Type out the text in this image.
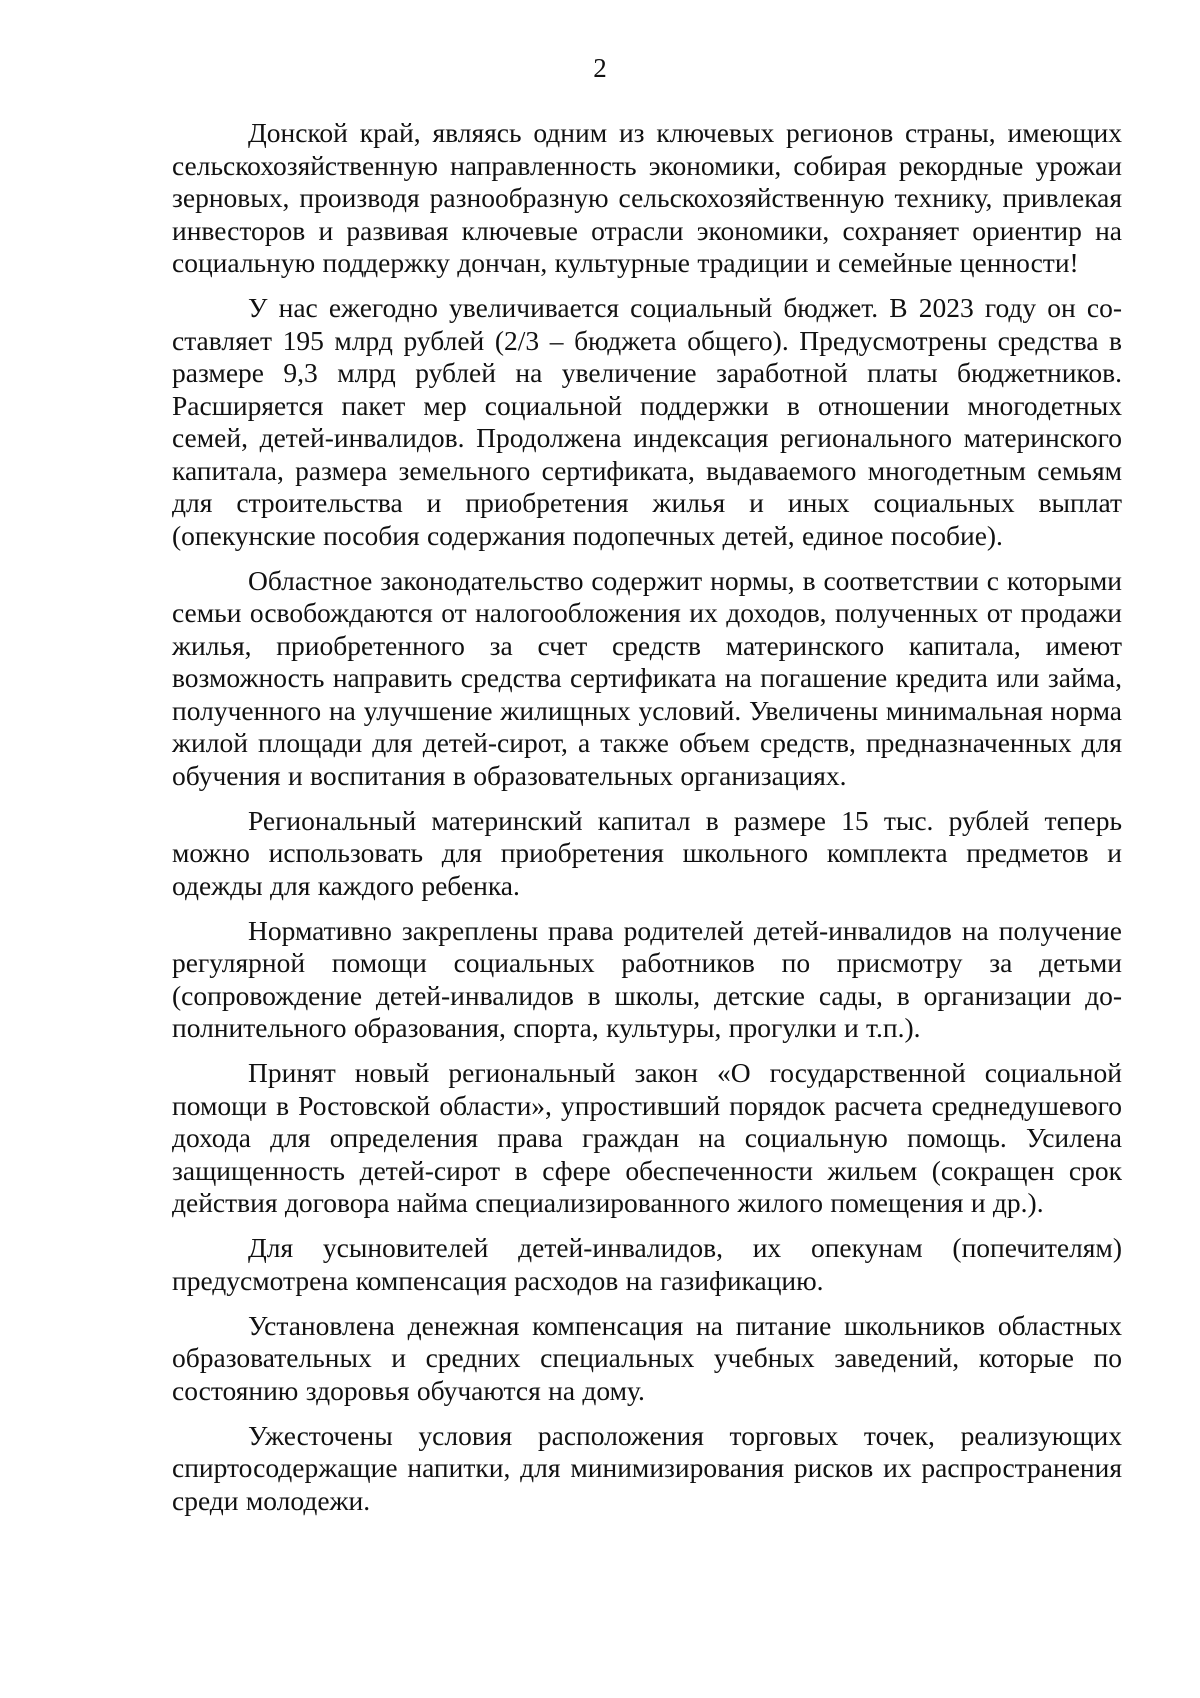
2

Донской край, являясь одним из ключевых регионов страны, имеющих сельскохозяйственную направленность экономики, собирая рекордные урожаи зерновых, производя разнообразную сельскохозяйственную технику, привлекая инвесторов и развивая ключевые отрасли экономики, сохраняет ориентир на социальную поддержку дончан, культурные традиции и семейные ценности!

У нас ежегодно увеличивается социальный бюджет. В 2023 году он составляет 195 млрд рублей (2/3 – бюджета общего). Предусмотрены средства в размере 9,3 млрд рублей на увеличение заработной платы бюджетников. Расширяется пакет мер социальной поддержки в отношении многодетных семей, детей-инвалидов. Продолжена индексация регионального материнского капитала, размера земельного сертификата, выдаваемого многодетным семьям для строительства и приобретения жилья и иных социальных выплат (опекунские пособия содержания подопечных детей, единое пособие).

Областное законодательство содержит нормы, в соответствии с которыми семьи освобождаются от налогообложения их доходов, полученных от продажи жилья, приобретенного за счет средств материнского капитала, имеют возможность направить средства сертификата на погашение кредита или займа, полученного на улучшение жилищных условий. Увеличены минимальная норма жилой площади для детей-сирот, а также объем средств, предназначенных для обучения и воспитания в образовательных организациях.

Региональный материнский капитал в размере 15 тыс. рублей теперь можно использовать для приобретения школьного комплекта предметов и одежды для каждого ребенка.

Нормативно закреплены права родителей детей-инвалидов на получение регулярной помощи социальных работников по присмотру за детьми (сопровождение детей-инвалидов в школы, детские сады, в организации дополнительного образования, спорта, культуры, прогулки и т.п.).

Принят новый региональный закон «О государственной социальной помощи в Ростовской области», упростивший порядок расчета среднедушевого дохода для определения права граждан на социальную помощь. Усилена защищенность детей-сирот в сфере обеспеченности жильем (сокращен срок действия договора найма специализированного жилого помещения и др.).

Для усыновителей детей-инвалидов, их опекунам (попечителям) предусмотрена компенсация расходов на газификацию.

Установлена денежная компенсация на питание школьников областных образовательных и средних специальных учебных заведений, которые по состоянию здоровья обучаются на дому.

Ужесточены условия расположения торговых точек, реализующих спиртосодержащие напитки, для минимизирования рисков их распространения среди молодежи.
